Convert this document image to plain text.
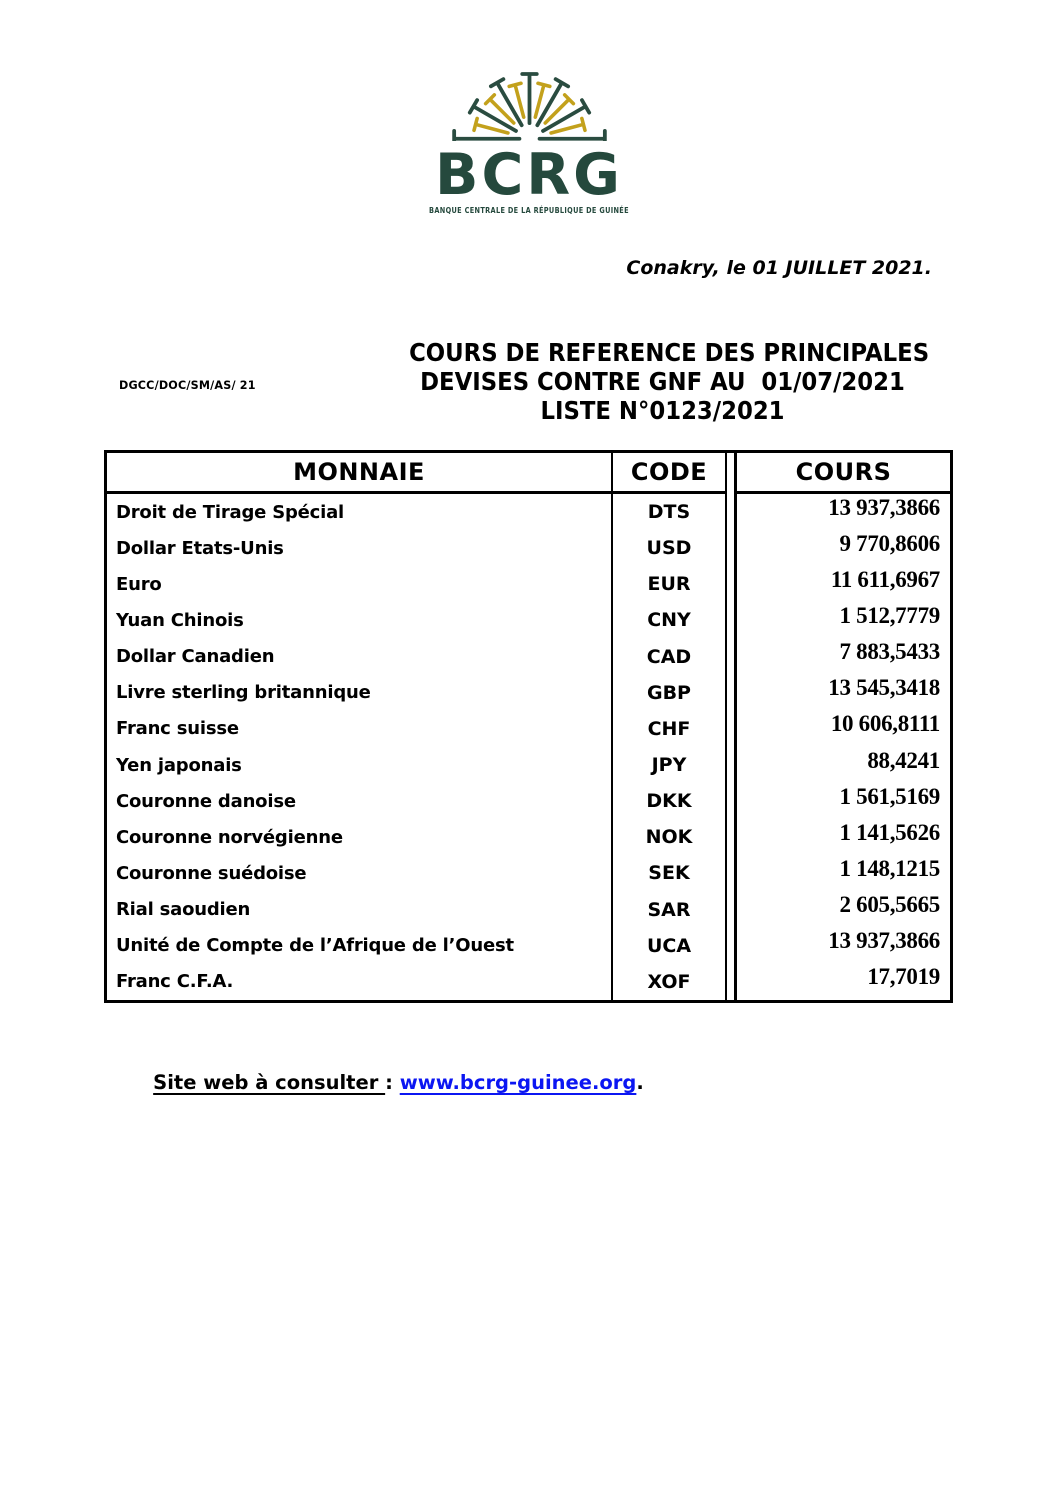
BCRG
BANQUE CENTRALE DE LA RÉPUBLIQUE DE GUINÉE
Conakry, le 01 JUILLET 2021.
DGCC/DOC/SM/AS/ 21
COURS DE REFERENCE DES PRINCIPALES
DEVISES CONTRE GNF AU  01/07/2021
LISTE N°0123/2021
MONNAIE	CODE	COURS
Droit de Tirage Spécial	DTS	13 937,3866
Dollar Etats-Unis	USD	9 770,8606
Euro	EUR	11 611,6967
Yuan Chinois	CNY	1 512,7779
Dollar Canadien	CAD	7 883,5433
Livre sterling britannique	GBP	13 545,3418
Franc suisse	CHF	10 606,8111
Yen japonais	JPY	88,4241
Couronne danoise	DKK	1 561,5169
Couronne norvégienne	NOK	1 141,5626
Couronne suédoise	SEK	1 148,1215
Rial saoudien	SAR	2 605,5665
Unité de Compte de l’Afrique de l’Ouest	UCA	13 937,3866
Franc C.F.A.	XOF	17,7019

Site web à consulter : www.bcrg-guinee.org.
